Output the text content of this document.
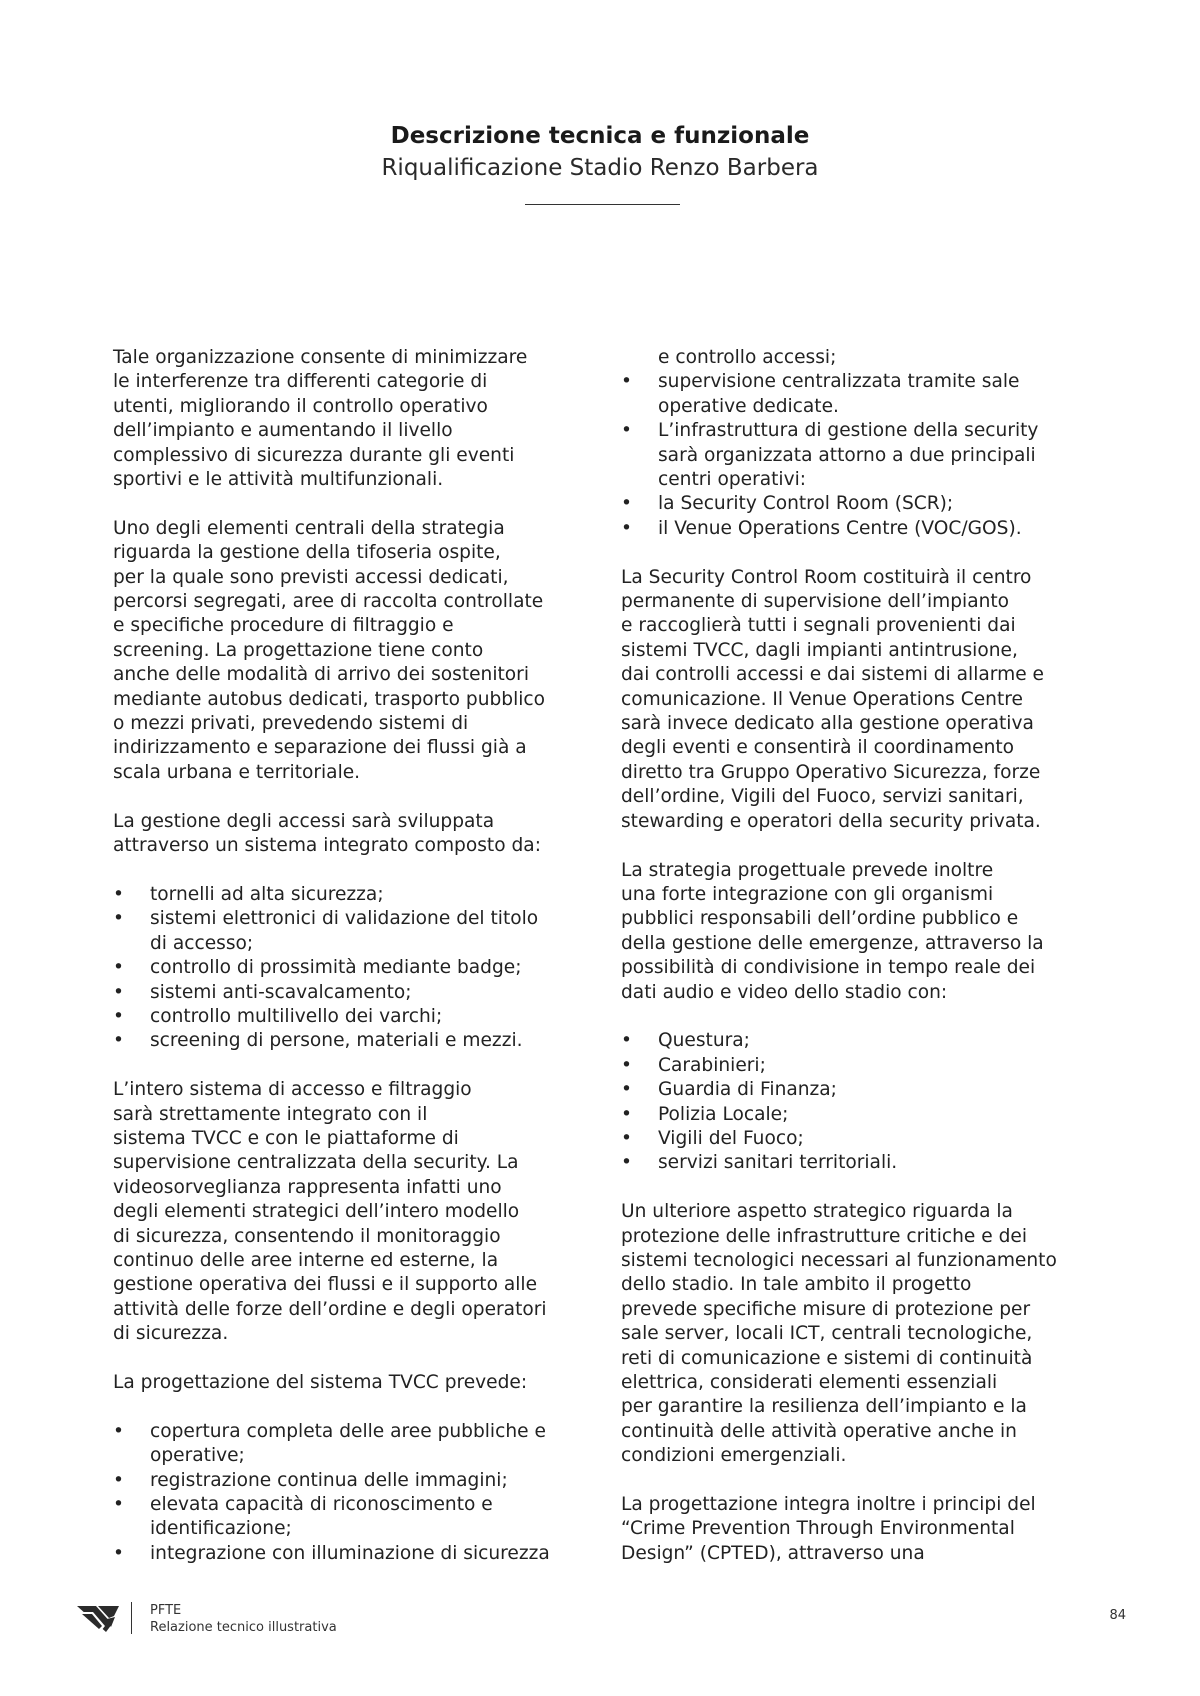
Descrizione tecnica e funzionale
Riqualificazione Stadio Renzo Barbera

Tale organizzazione consente di minimizzare
le interferenze tra differenti categorie di
utenti, migliorando il controllo operativo
dell’impianto e aumentando il livello
complessivo di sicurezza durante gli eventi
sportivi e le attività multifunzionali.

Uno degli elementi centrali della strategia
riguarda la gestione della tifoseria ospite,
per la quale sono previsti accessi dedicati,
percorsi segregati, aree di raccolta controllate
e specifiche procedure di filtraggio e
screening. La progettazione tiene conto
anche delle modalità di arrivo dei sostenitori
mediante autobus dedicati, trasporto pubblico
o mezzi privati, prevedendo sistemi di
indirizzamento e separazione dei flussi già a
scala urbana e territoriale.

La gestione degli accessi sarà sviluppata
attraverso un sistema integrato composto da:

• tornelli ad alta sicurezza;
• sistemi elettronici di validazione del titolo
di accesso;
• controllo di prossimità mediante badge;
• sistemi anti-scavalcamento;
• controllo multilivello dei varchi;
• screening di persone, materiali e mezzi.

L’intero sistema di accesso e filtraggio
sarà strettamente integrato con il
sistema TVCC e con le piattaforme di
supervisione centralizzata della security. La
videosorveglianza rappresenta infatti uno
degli elementi strategici dell’intero modello
di sicurezza, consentendo il monitoraggio
continuo delle aree interne ed esterne, la
gestione operativa dei flussi e il supporto alle
attività delle forze dell’ordine e degli operatori
di sicurezza.

La progettazione del sistema TVCC prevede:

• copertura completa delle aree pubbliche e
operative;
• registrazione continua delle immagini;
• elevata capacità di riconoscimento e
identificazione;
• integrazione con illuminazione di sicurezza
e controllo accessi;
• supervisione centralizzata tramite sale
operative dedicate.
• L’infrastruttura di gestione della security
sarà organizzata attorno a due principali
centri operativi:
• la Security Control Room (SCR);
• il Venue Operations Centre (VOC/GOS).

La Security Control Room costituirà il centro
permanente di supervisione dell’impianto
e raccoglierà tutti i segnali provenienti dai
sistemi TVCC, dagli impianti antintrusione,
dai controlli accessi e dai sistemi di allarme e
comunicazione. Il Venue Operations Centre
sarà invece dedicato alla gestione operativa
degli eventi e consentirà il coordinamento
diretto tra Gruppo Operativo Sicurezza, forze
dell’ordine, Vigili del Fuoco, servizi sanitari,
stewarding e operatori della security privata.

La strategia progettuale prevede inoltre
una forte integrazione con gli organismi
pubblici responsabili dell’ordine pubblico e
della gestione delle emergenze, attraverso la
possibilità di condivisione in tempo reale dei
dati audio e video dello stadio con:

• Questura;
• Carabinieri;
• Guardia di Finanza;
• Polizia Locale;
• Vigili del Fuoco;
• servizi sanitari territoriali.

Un ulteriore aspetto strategico riguarda la
protezione delle infrastrutture critiche e dei
sistemi tecnologici necessari al funzionamento
dello stadio. In tale ambito il progetto
prevede specifiche misure di protezione per
sale server, locali ICT, centrali tecnologiche,
reti di comunicazione e sistemi di continuità
elettrica, considerati elementi essenziali
per garantire la resilienza dell’impianto e la
continuità delle attività operative anche in
condizioni emergenziali.

La progettazione integra inoltre i principi del
“Crime Prevention Through Environmental
Design” (CPTED), attraverso una

PFTE
Relazione tecnico illustrativa
84
